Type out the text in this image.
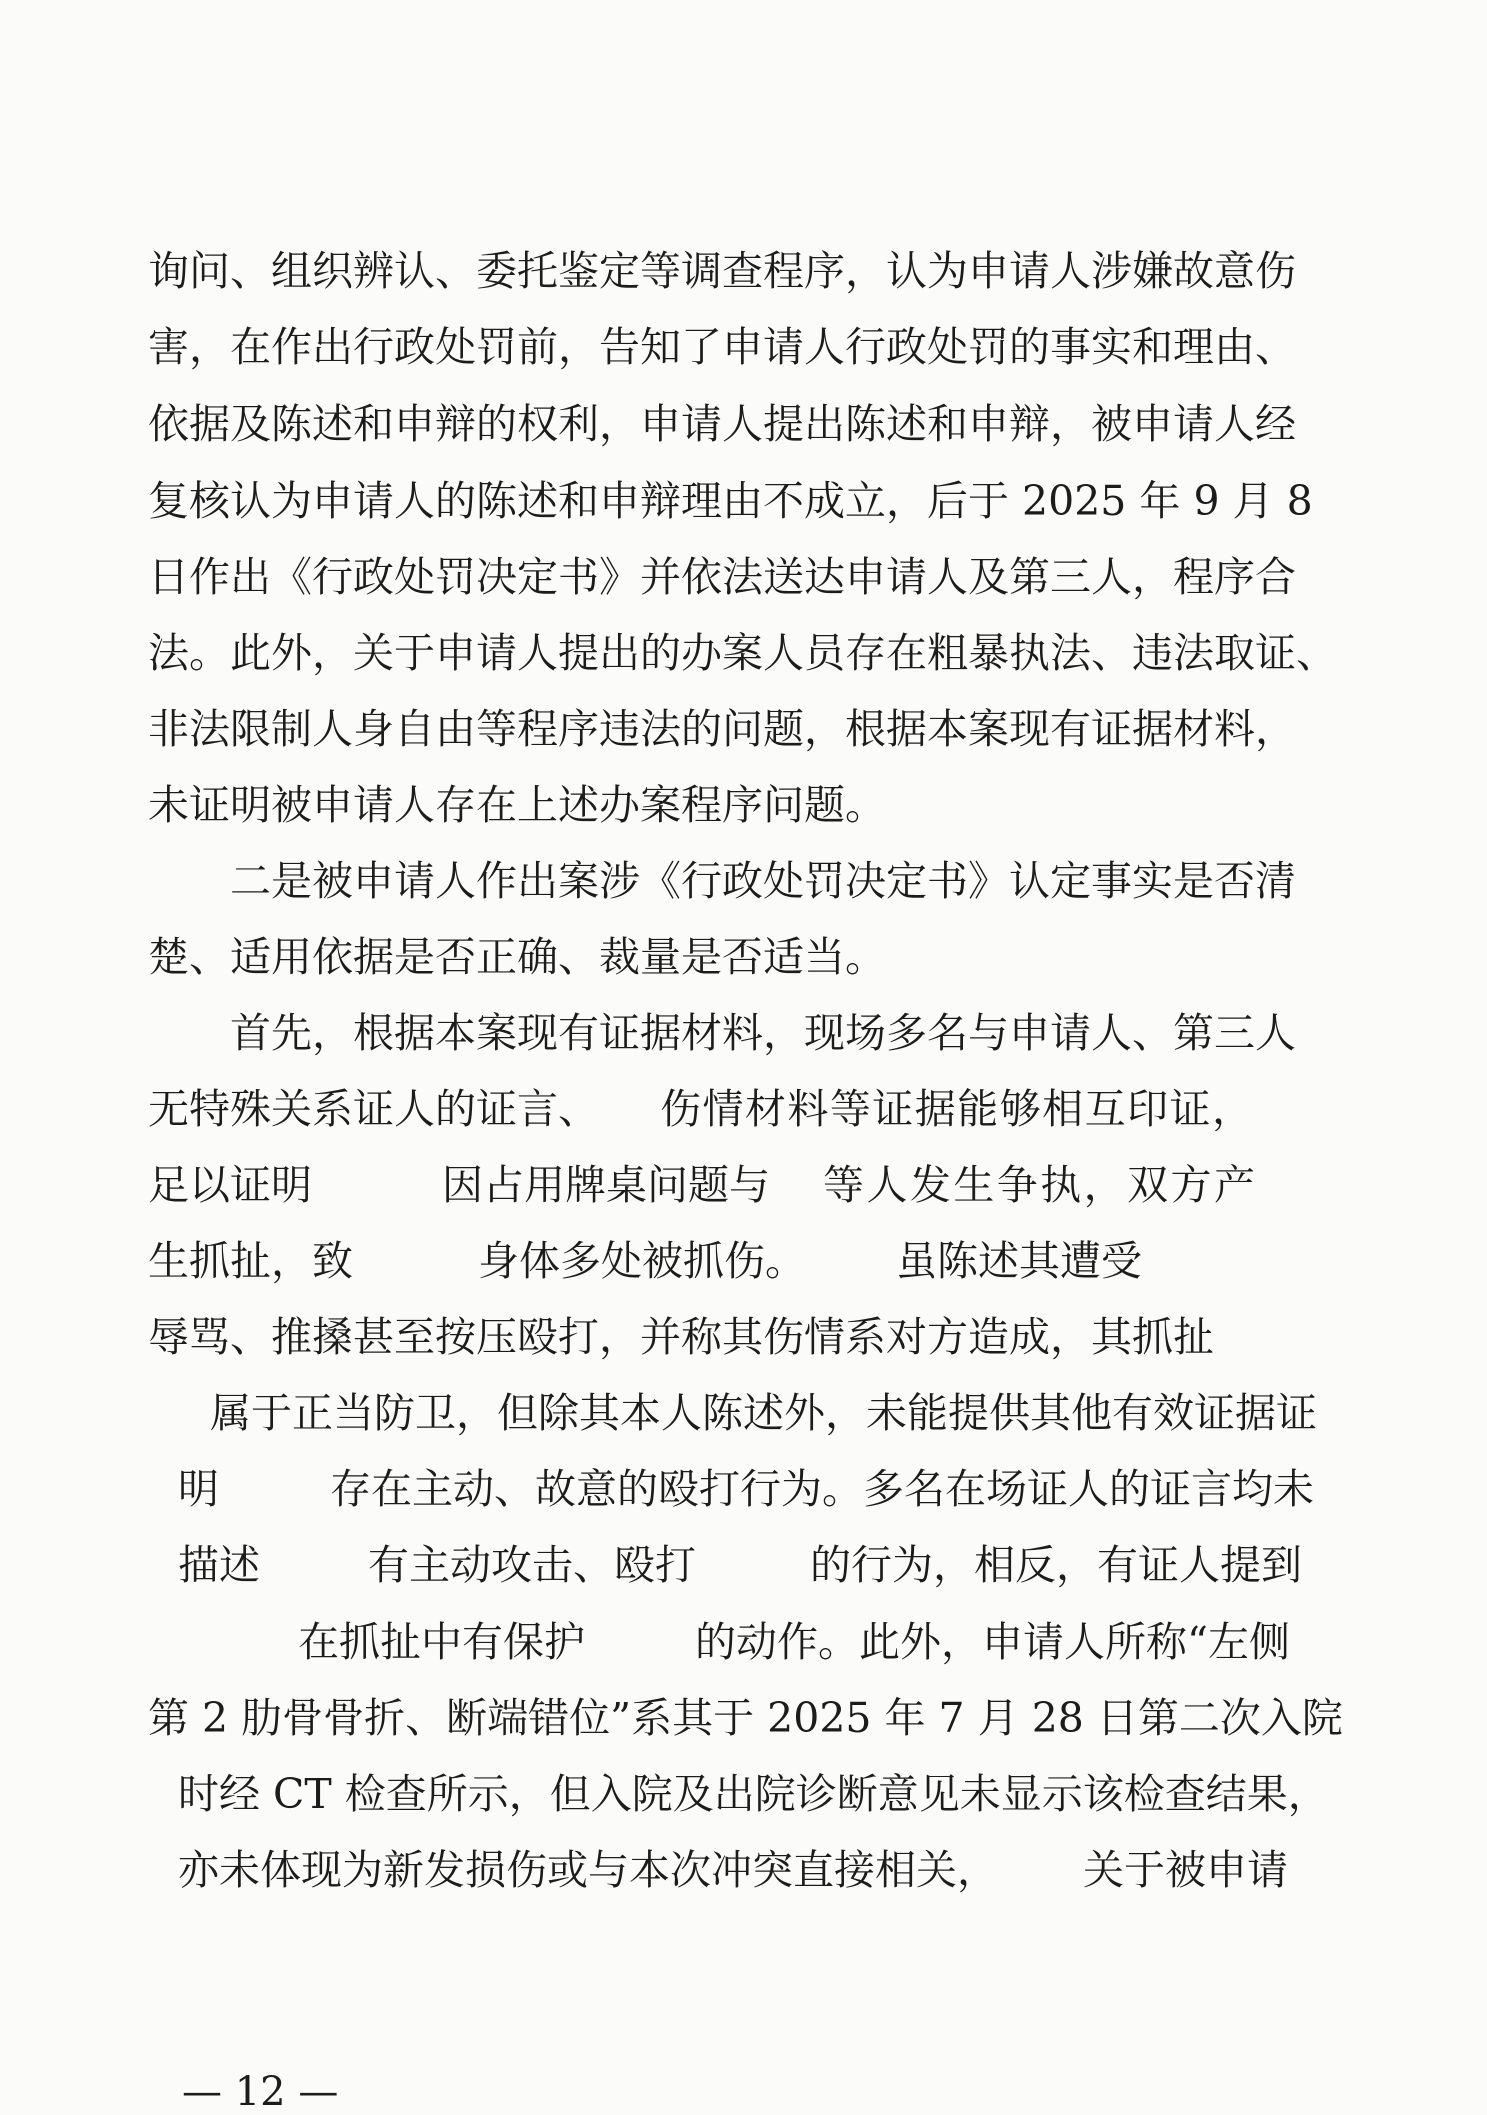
询问、组织辨认、委托鉴定等调查程序，认为申请人涉嫌故意伤
害，在作出行政处罚前，告知了申请人行政处罚的事实和理由、
依据及陈述和申辩的权利，申请人提出陈述和申辩，被申请人经
复核认为申请人的陈述和申辩理由不成立，后于 2025 年 9 月 8
日作出《行政处罚决定书》并依法送达申请人及第三人，程序合
法。此外，关于申请人提出的办案人员存在粗暴执法、违法取证、
非法限制人身自由等程序违法的问题，根据本案现有证据材料，
未证明被申请人存在上述办案程序问题。
二是被申请人作出案涉《行政处罚决定书》认定事实是否清
楚、适用依据是否正确、裁量是否适当。
首先，根据本案现有证据材料，现场多名与申请人、第三人
无特殊关系证人的证言、 伤情材料等证据能够相互印证，
足以证明	因占用牌桌问题与 等人发生争执，双方产
生抓扯，致	身体多处被抓伤。 虽陈述其遭受
辱骂、推搡甚至按压殴打，并称其伤情系对方造成，其抓扯
属于正当防卫，但除其本人陈述外，未能提供其他有效证据证
明	存在主动、故意的殴打行为。多名在场证人的证言均未
描述	有主动攻击、殴打	的行为，相反，有证人提到
在抓扯中有保护	的动作。此外，申请人所称“左侧
第 2 肋骨骨折、断端错位”系其于 2025 年 7 月 28 日第二次入院
时经 CT 检查所示，但入院及出院诊断意见未显示该检查结果，
亦未体现为新发损伤或与本次冲突直接相关， 关于被申请
— 12 —
